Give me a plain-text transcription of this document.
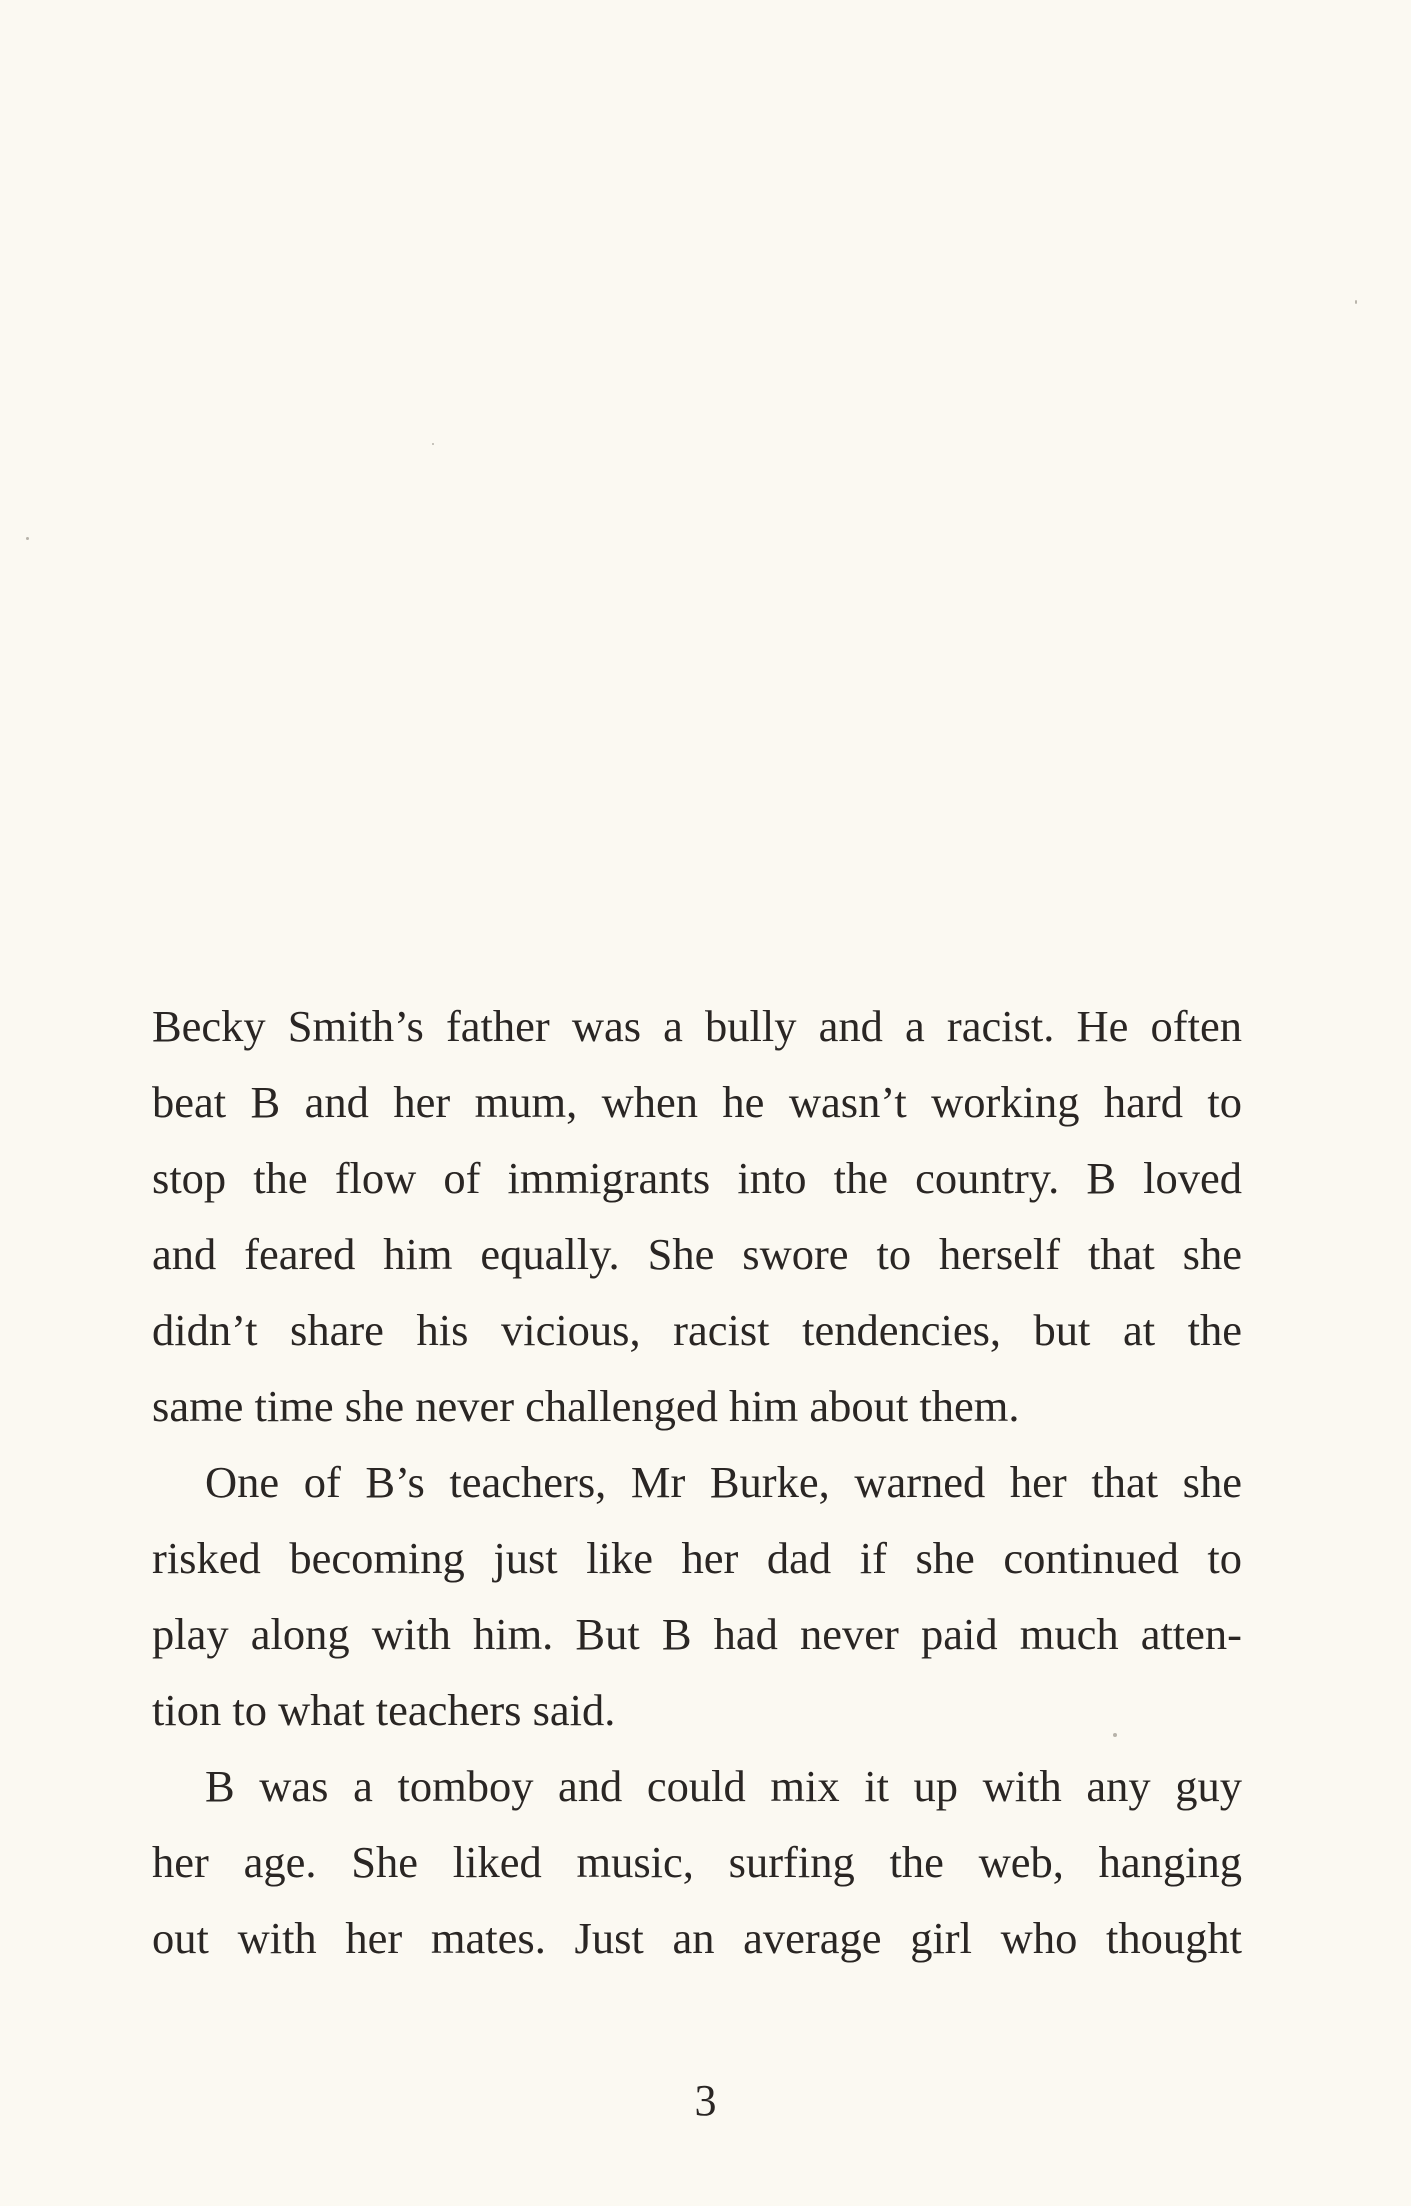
Becky Smith’s father was a bully and a racist. He often
beat B and her mum, when he wasn’t working hard to
stop the flow of immigrants into the country. B loved
and feared him equally. She swore to herself that she
didn’t share his vicious, racist tendencies, but at the
same time she never challenged him about them.
One of B’s teachers, Mr Burke, warned her that she
risked becoming just like her dad if she continued to
play along with him. But B had never paid much atten-
tion to what teachers said.
B was a tomboy and could mix it up with any guy
her age. She liked music, surfing the web, hanging
out with her mates. Just an average girl who thought
3
